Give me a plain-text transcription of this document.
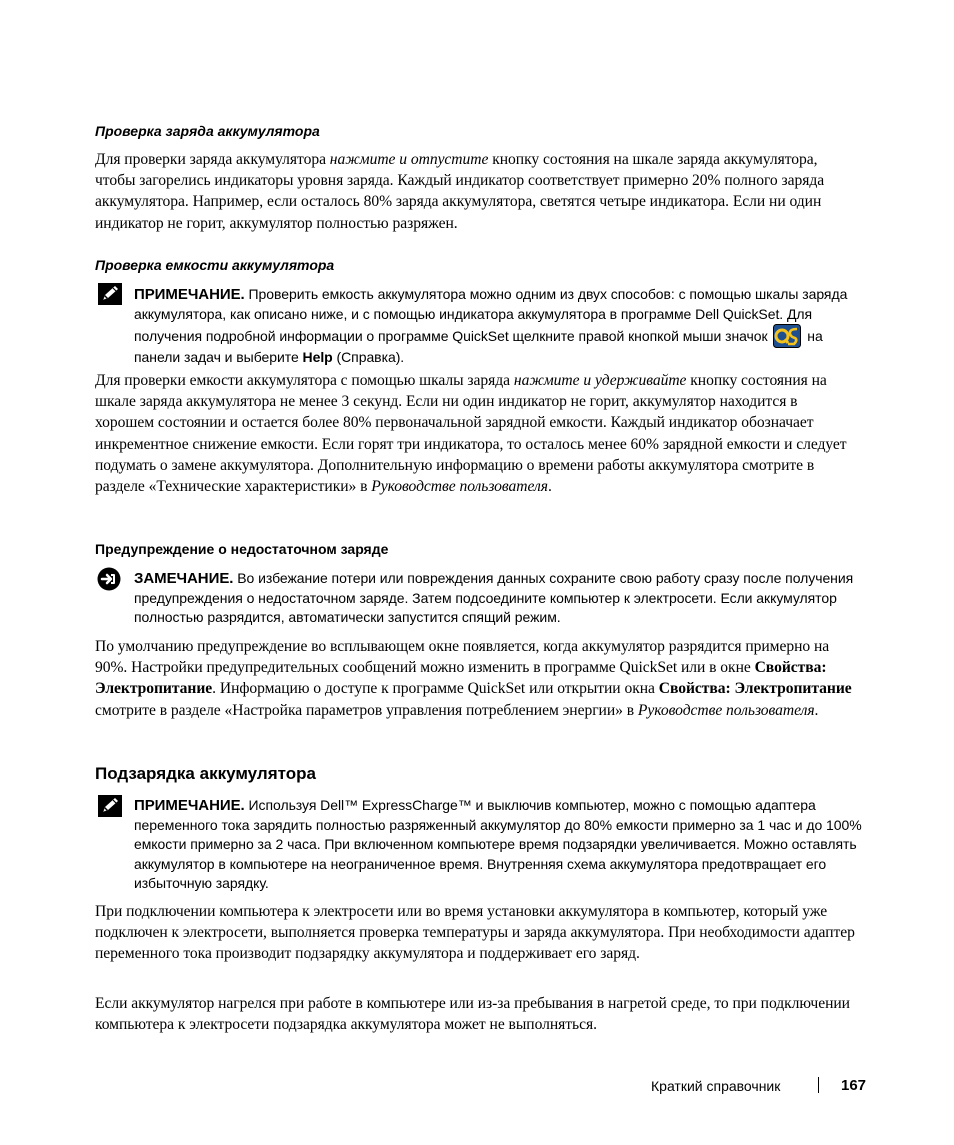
Проверка заряда аккумулятора
Для проверки заряда аккумулятора нажмите и отпустите кнопку состояния на шкале заряда аккумулятора, чтобы загорелись индикаторы уровня заряда. Каждый индикатор соответствует примерно 20% полного заряда аккумулятора. Например, если осталось 80% заряда аккумулятора, светятся четыре индикатора. Если ни один индикатор не горит, аккумулятор полностью разряжен.
Проверка емкости аккумулятора
ПРИМЕЧАНИЕ. Проверить емкость аккумулятора можно одним из двух способов: с помощью шкалы заряда аккумулятора, как описано ниже, и с помощью индикатора аккумулятора в программе Dell QuickSet. Для получения подробной информации о программе QuickSet щелкните правой кнопкой мыши значок  на панели задач и выберите Help (Справка).
Для проверки емкости аккумулятора с помощью шкалы заряда нажмите и удерживайте кнопку состояния на шкале заряда аккумулятора не менее 3 секунд. Если ни один индикатор не горит, аккумулятор находится в хорошем состоянии и остается более 80% первоначальной зарядной емкости. Каждый индикатор обозначает инкрементное снижение емкости. Если горят три индикатора, то осталось менее 60% зарядной емкости и следует подумать о замене аккумулятора. Дополнительную информацию о времени работы аккумулятора смотрите в разделе «Технические характеристики» в Руководстве пользователя.
Предупреждение о недостаточном заряде
ЗАМЕЧАНИЕ. Во избежание потери или повреждения данных сохраните свою работу сразу после получения предупреждения о недостаточном заряде. Затем подсоедините компьютер к электросети. Если аккумулятор полностью разрядится, автоматически запустится спящий режим.
По умолчанию предупреждение во всплывающем окне появляется, когда аккумулятор разрядится примерно на 90%. Настройки предупредительных сообщений можно изменить в программе QuickSet или в окне Свойства: Электропитание. Информацию о доступе к программе QuickSet или открытии окна Свойства: Электропитание смотрите в разделе «Настройка параметров управления потреблением энергии» в Руководстве пользователя.
Подзарядка аккумулятора
ПРИМЕЧАНИЕ. Используя Dell™ ExpressCharge™ и выключив компьютер, можно с помощью адаптера переменного тока зарядить полностью разряженный аккумулятор до 80% емкости примерно за 1 час и до 100% емкости примерно за 2 часа. При включенном компьютере время подзарядки увеличивается. Можно оставлять аккумулятор в компьютере на неограниченное время. Внутренняя схема аккумулятора предотвращает его избыточную зарядку.
При подключении компьютера к электросети или во время установки аккумулятора в компьютер, который уже подключен к электросети, выполняется проверка температуры и заряда аккумулятора. При необходимости адаптер переменного тока производит подзарядку аккумулятора и поддерживает его заряд.
Если аккумулятор нагрелся при работе в компьютере или из-за пребывания в нагретой среде, то при подключении компьютера к электросети подзарядка аккумулятора может не выполняться.
Краткий справочник	167
